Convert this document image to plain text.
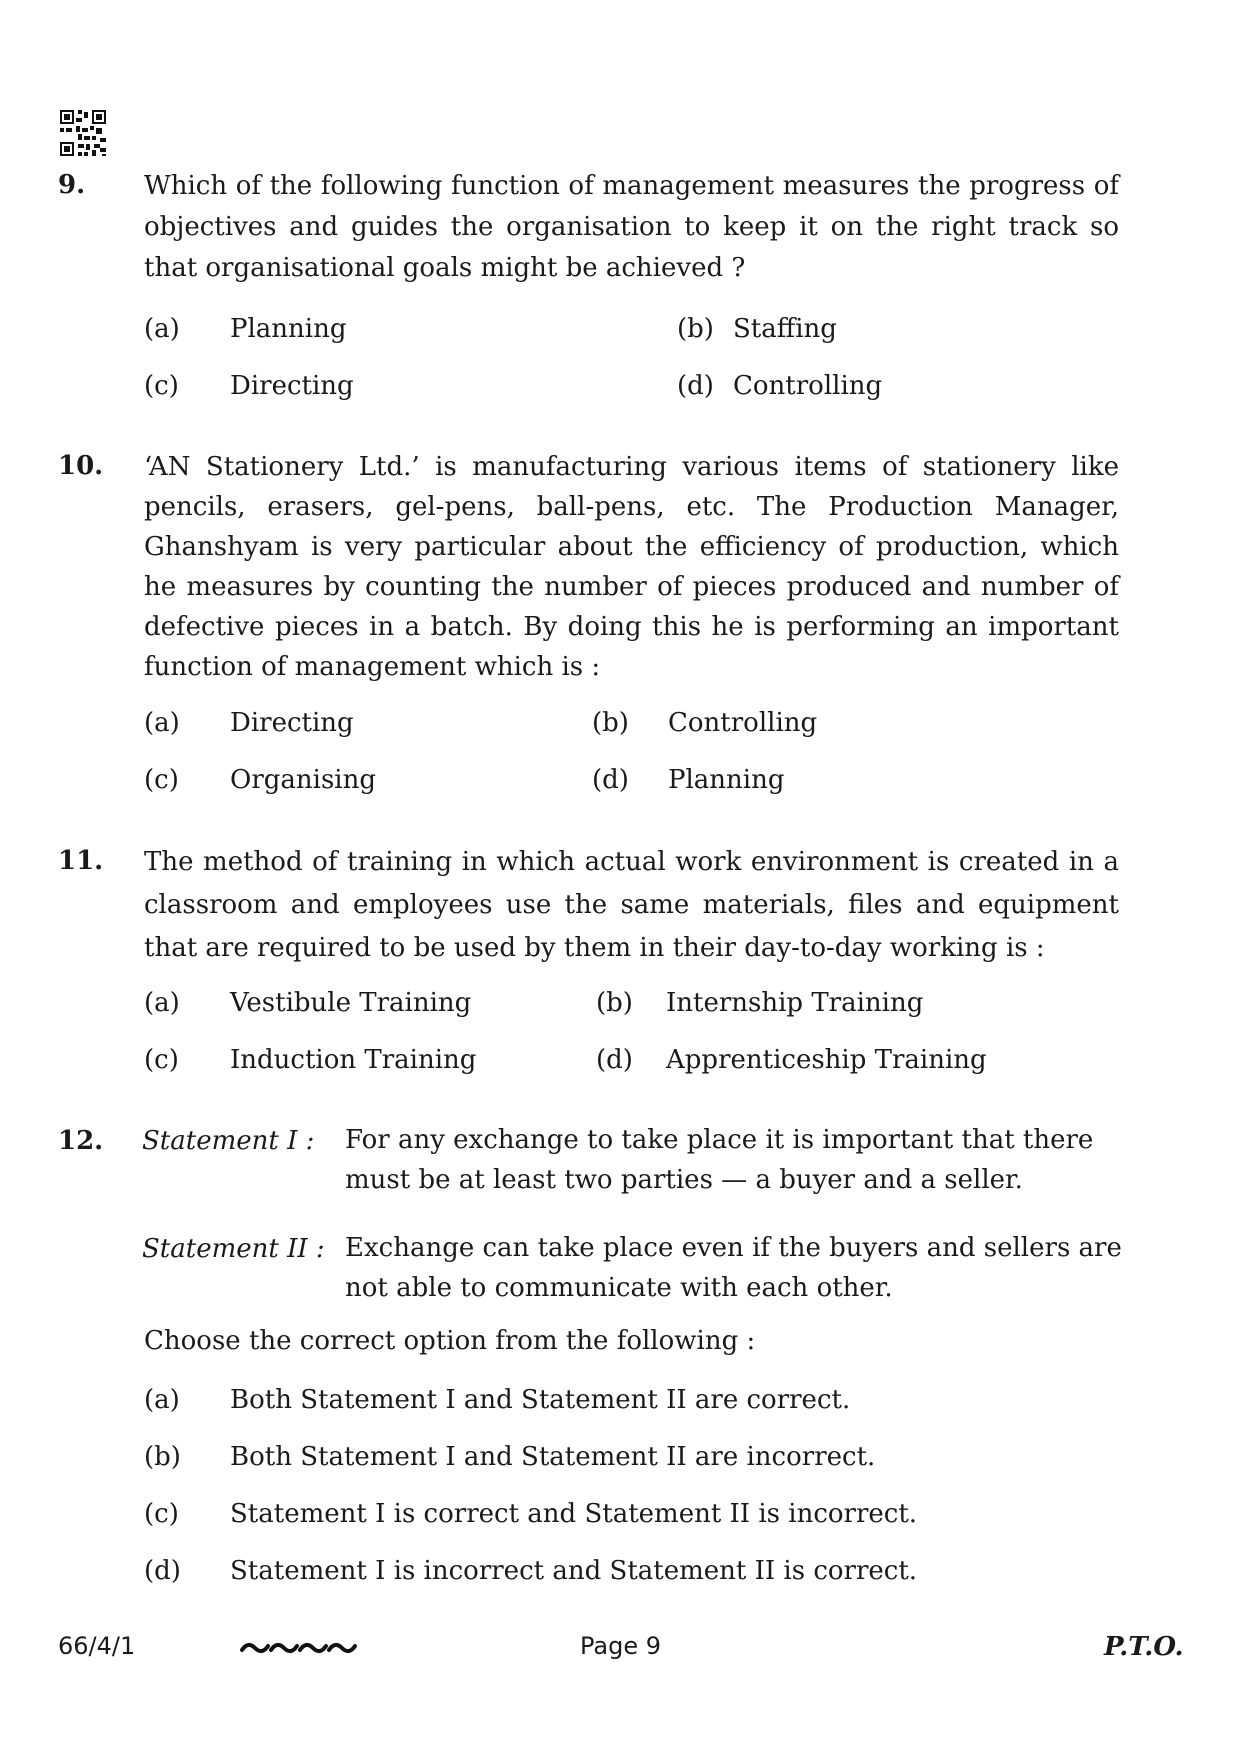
9. Which of the following function of management measures the progress of objectives and guides the organisation to keep it on the right track so that organisational goals might be achieved ?

(a) Planning	(b) Staffing
(c) Directing	(d) Controlling
10. ‘AN Stationery Ltd.’ is manufacturing various items of stationery like pencils, erasers, gel-pens, ball-pens, etc. The Production Manager, Ghanshyam is very particular about the efficiency of production, which he measures by counting the number of pieces produced and number of defective pieces in a batch. By doing this he is performing an important function of management which is :

(a) Directing	(b) Controlling
(c) Organising	(d) Planning
11. The method of training in which actual work environment is created in a classroom and employees use the same materials, files and equipment that are required to be used by them in their day-to-day working is :

(a) Vestibule Training	(b) Internship Training
(c) Induction Training	(d) Apprenticeship Training
12. Statement I : For any exchange to take place it is important that there must be at least two parties — a buyer and a seller.

Statement II : Exchange can take place even if the buyers and sellers are not able to communicate with each other.

Choose the correct option from the following :
(a) Both Statement I and Statement II are correct.
(b) Both Statement I and Statement II are incorrect.
(c) Statement I is correct and Statement II is incorrect.
(d) Statement I is incorrect and Statement II is correct.
66/4/1	Page 9	P.T.O.
